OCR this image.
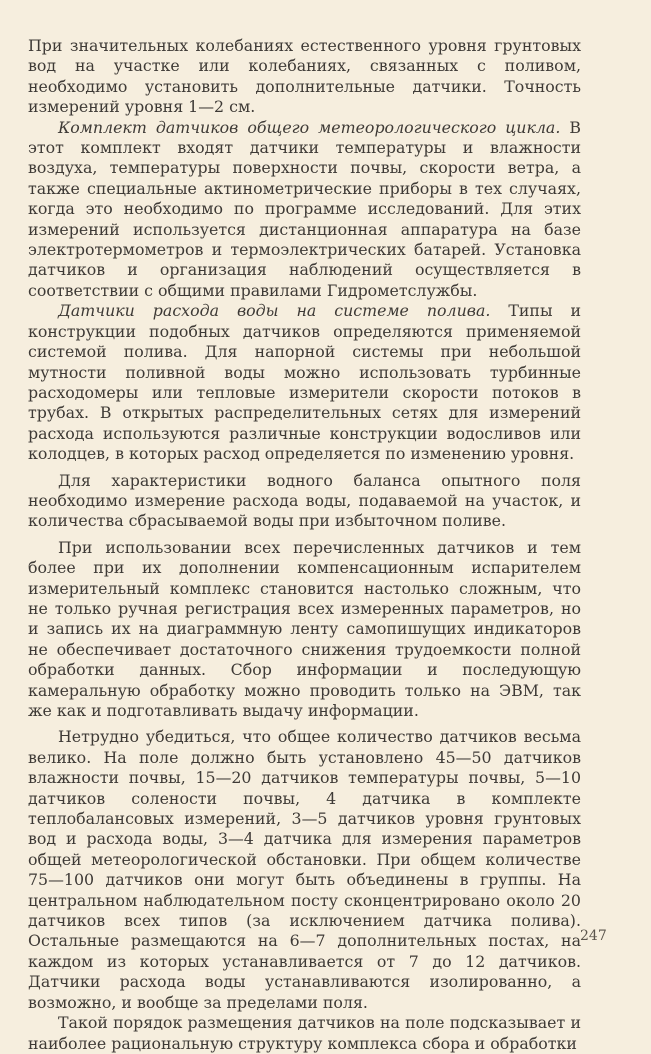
При значительных колебаниях естественного уровня грунтовых вод на участке или колебаниях, связанных с поливом, необходимо установить дополнительные датчики. Точность измерений уровня 1—2 см.

Комплект датчиков общего метеорологического цикла. В этот комплект входят датчики температуры и влажности воздуха, температуры поверхности почвы, скорости ветра, а также специальные актинометрические приборы в тех случаях, когда это необходимо по программе исследований. Для этих измерений используется дистанционная аппаратура на базе электротермометров и термоэлектрических батарей. Установка датчиков и организация наблюдений осуществляется в соответствии с общими правилами Гидрометслужбы.

Датчики расхода воды на системе полива. Типы и конструкции подобных датчиков определяются применяемой системой полива. Для напорной системы при небольшой мутности поливной воды можно использовать турбинные расходомеры или тепловые измерители скорости потоков в трубах. В открытых распределительных сетях для измерений расхода используются различные конструкции водосливов или колодцев, в которых расход определяется по изменению уровня.

Для характеристики водного баланса опытного поля необходимо измерение расхода воды, подаваемой на участок, и количества сбрасываемой воды при избыточном поливе.

При использовании всех перечисленных датчиков и тем более при их дополнении компенсационным испарителем измерительный комплекс становится настолько сложным, что не только ручная регистрация всех измеренных параметров, но и запись их на диаграммную ленту самопишущих индикаторов не обеспечивает достаточного снижения трудоемкости полной обработки данных. Сбор информации и последующую камеральную обработку можно проводить только на ЭВМ, так же как и подготавливать выдачу информации.

Нетрудно убедиться, что общее количество датчиков весьма велико. На поле должно быть установлено 45—50 датчиков влажности почвы, 15—20 датчиков температуры почвы, 5—10 датчиков солености почвы, 4 датчика в комплекте теплобалансовых измерений, 3—5 датчиков уровня грунтовых вод и расхода воды, 3—4 датчика для измерения параметров общей метеорологической обстановки. При общем количестве 75—100 датчиков они могут быть объединены в группы. На центральном наблюдательном посту сконцентрировано около 20 датчиков всех типов (за исключением датчика полива). Остальные размещаются на 6—7 дополнительных постах, на каждом из которых устанавливается от 7 до 12 датчиков. Датчики расхода воды устанавливаются изолированно, а возможно, и вообще за пределами поля.

Такой порядок размещения датчиков на поле подсказывает и наиболее рациональную структуру комплекса сбора и обработки

247
